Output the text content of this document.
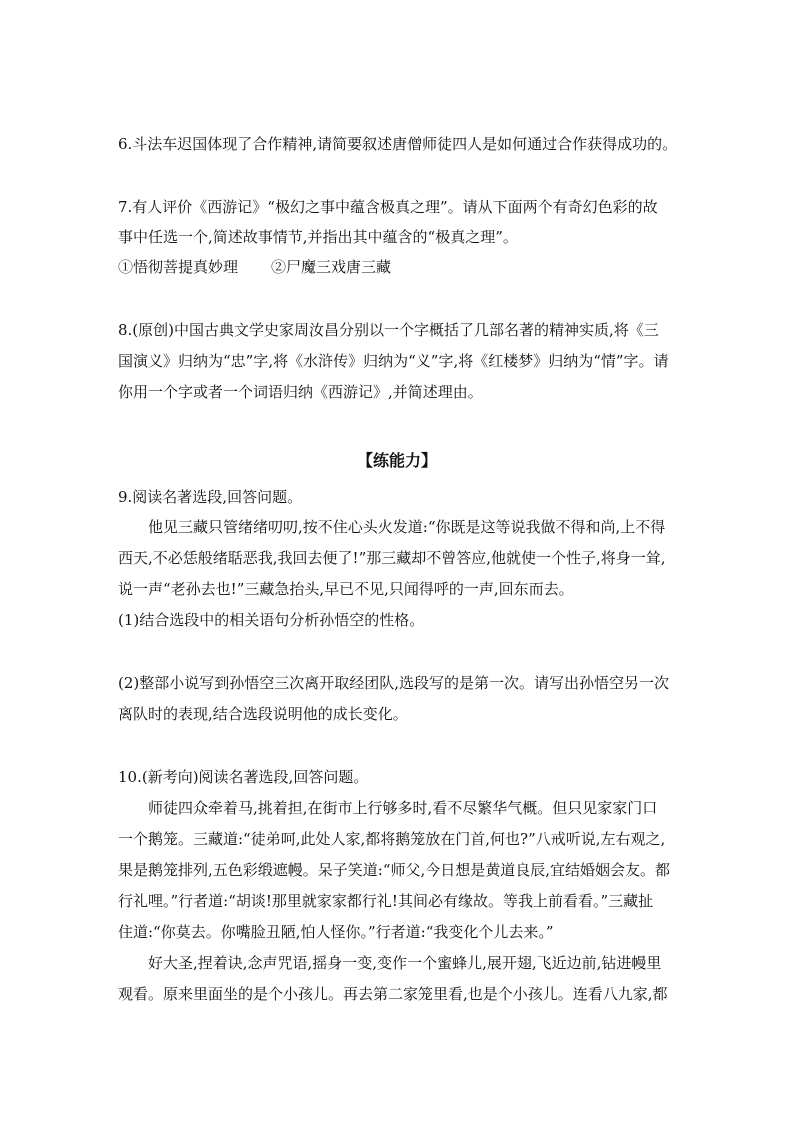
6.斗法车迟国体现了合作精神,请简要叙述唐僧师徒四人是如何通过合作获得成功的。
7.有人评价《西游记》“极幻之事中蕴含极真之理”。请从下面两个有奇幻色彩的故
事中任选一个,简述故事情节,并指出其中蕴含的“极真之理”。
①悟彻菩提真妙理 ②尸魔三戏唐三藏
8.(原创)中国古典文学史家周汝昌分别以一个字概括了几部名著的精神实质,将《三
国演义》归纳为“忠”字,将《水浒传》归纳为“义”字,将《红楼梦》归纳为“情”字。请
你用一个字或者一个词语归纳《西游记》,并简述理由。
【练能力】
9.阅读名著选段,回答问题。
他见三藏只管绪绪叨叨,按不住心头火发道:“你既是这等说我做不得和尚,上不得
西天,不必恁般绪聒恶我,我回去便了!”那三藏却不曾答应,他就使一个性子,将身一耸,
说一声“老孙去也!”三藏急抬头,早已不见,只闻得呼的一声,回东而去。
(1)结合选段中的相关语句分析孙悟空的性格。
(2)整部小说写到孙悟空三次离开取经团队,选段写的是第一次。请写出孙悟空另一次
离队时的表现,结合选段说明他的成长变化。
10.(新考向)阅读名著选段,回答问题。
师徒四众牵着马,挑着担,在街市上行够多时,看不尽繁华气概。但只见家家门口
一个鹅笼。三藏道:“徒弟呵,此处人家,都将鹅笼放在门首,何也?”八戒听说,左右观之,
果是鹅笼排列,五色彩缎遮幔。呆子笑道:“师父,今日想是黄道良辰,宜结婚姻会友。都
行礼哩。”行者道:“胡谈!那里就家家都行礼!其间必有缘故。等我上前看看。”三藏扯
住道:“你莫去。你嘴脸丑陋,怕人怪你。”行者道:“我变化个儿去来。”
好大圣,捏着诀,念声咒语,摇身一变,变作一个蜜蜂儿,展开翅,飞近边前,钻进幔里
观看。原来里面坐的是个小孩儿。再去第二家笼里看,也是个小孩儿。连看八九家,都
